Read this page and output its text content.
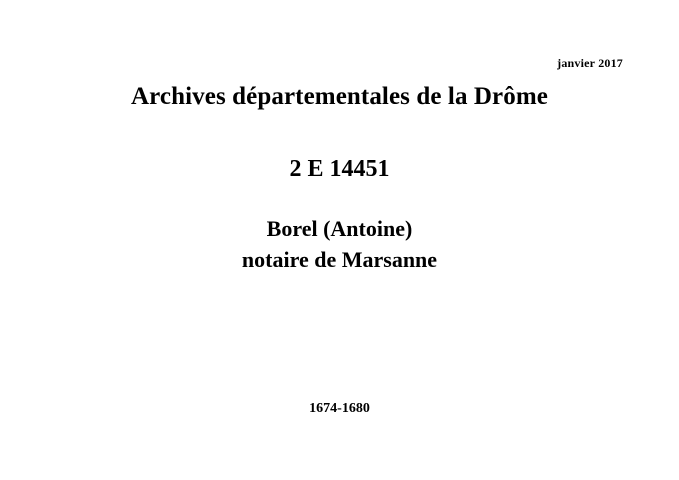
janvier 2017
Archives départementales de la Drôme
2 E 14451
Borel (Antoine)
notaire de Marsanne
1674-1680
